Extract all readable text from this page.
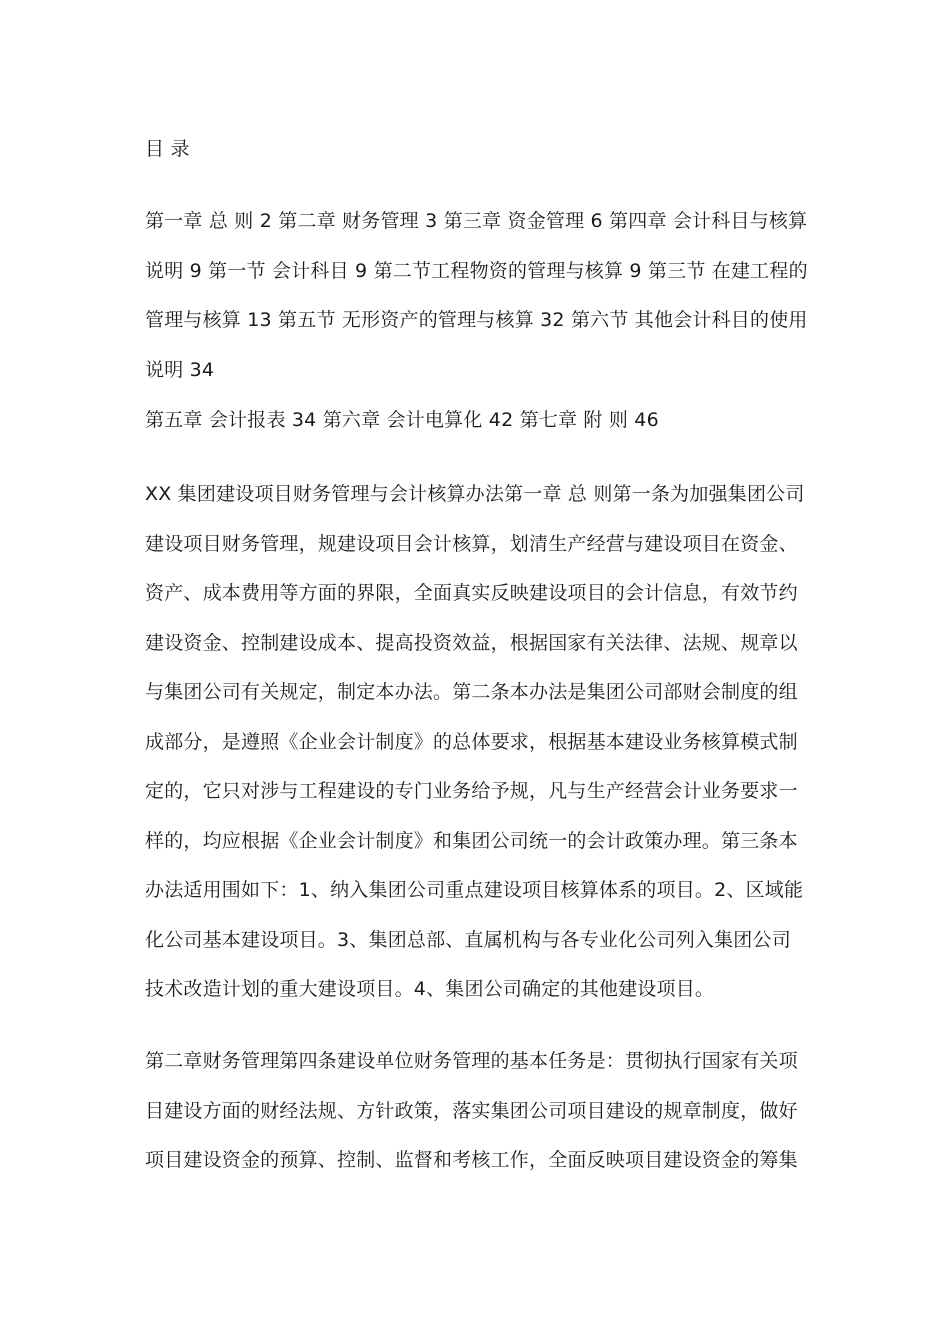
目 录

第一章 总 则 2 第二章 财务管理 3 第三章 资金管理 6 第四章 会计科目与核算
说明 9 第一节 会计科目 9 第二节工程物资的管理与核算 9 第三节 在建工程的
管理与核算 13 第五节 无形资产的管理与核算 32 第六节 其他会计科目的使用
说明 34

第五章 会计报表 34 第六章 会计电算化 42 第七章 附 则 46

XX 集团建设项目财务管理与会计核算办法第一章 总 则第一条为加强集团公司
建设项目财务管理，规建设项目会计核算，划清生产经营与建设项目在资金、
资产、成本费用等方面的界限，全面真实反映建设项目的会计信息，有效节约
建设资金、控制建设成本、提高投资效益，根据国家有关法律、法规、规章以
与集团公司有关规定，制定本办法。第二条本办法是集团公司部财会制度的组
成部分，是遵照《企业会计制度》的总体要求，根据基本建设业务核算模式制
定的，它只对涉与工程建设的专门业务给予规，凡与生产经营会计业务要求一
样的，均应根据《企业会计制度》和集团公司统一的会计政策办理。第三条本
办法适用围如下：1、纳入集团公司重点建设项目核算体系的项目。2、区域能
化公司基本建设项目。3、集团总部、直属机构与各专业化公司列入集团公司
技术改造计划的重大建设项目。4、集团公司确定的其他建设项目。

第二章财务管理第四条建设单位财务管理的基本任务是：贯彻执行国家有关项
目建设方面的财经法规、方针政策，落实集团公司项目建设的规章制度，做好
项目建设资金的预算、控制、监督和考核工作，全面反映项目建设资金的筹集
